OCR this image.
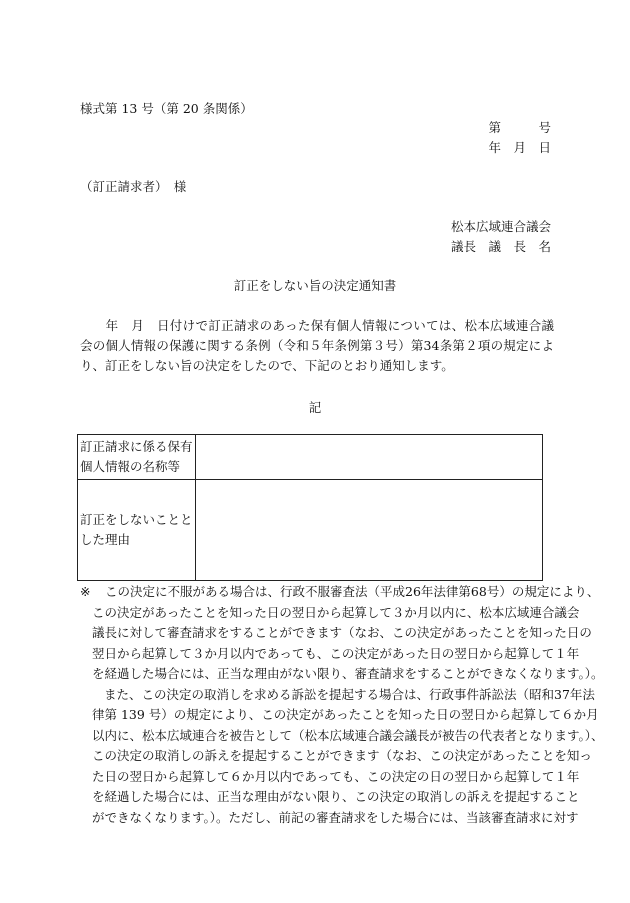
様式第 13 号（第 20 条関係）
第　　　号
年　月　日
（訂正請求者）　様
松本広域連合議会
議長　議　長　名
訂正をしない旨の決定通知書

　　年　月　日付けで訂正請求のあった保有個人情報については、松本広域連合議会の個人情報の保護に関する条例（令和５年条例第３号）第34条第２項の規定により、訂正をしない旨の決定をしたので、下記のとおり通知します。

記
訂正請求に係る保有個人情報の名称等	
訂正をしないこととした理由	
※	この決定に不服がある場合は、行政不服審査法（平成26年法律第68号）の規定により、
この決定があったことを知った日の翌日から起算して３か月以内に、松本広域連合議会
議長に対して審査請求をすることができます（なお、この決定があったことを知った日の
翌日から起算して３か月以内であっても、この決定があった日の翌日から起算して１年
を経過した場合には、正当な理由がない限り、審査請求をすることができなくなります。）。
また、この決定の取消しを求める訴訟を提起する場合は、行政事件訴訟法（昭和37年法
律第 139 号）の規定により、この決定があったことを知った日の翌日から起算して６か月
以内に、松本広域連合を被告として（松本広域連合議会議長が被告の代表者となります。）、
この決定の取消しの訴えを提起することができます（なお、この決定があったことを知っ
た日の翌日から起算して６か月以内であっても、この決定の日の翌日から起算して１年
を経過した場合には、正当な理由がない限り、この決定の取消しの訴えを提起すること
ができなくなります。）。ただし、前記の審査請求をした場合には、当該審査請求に対す
